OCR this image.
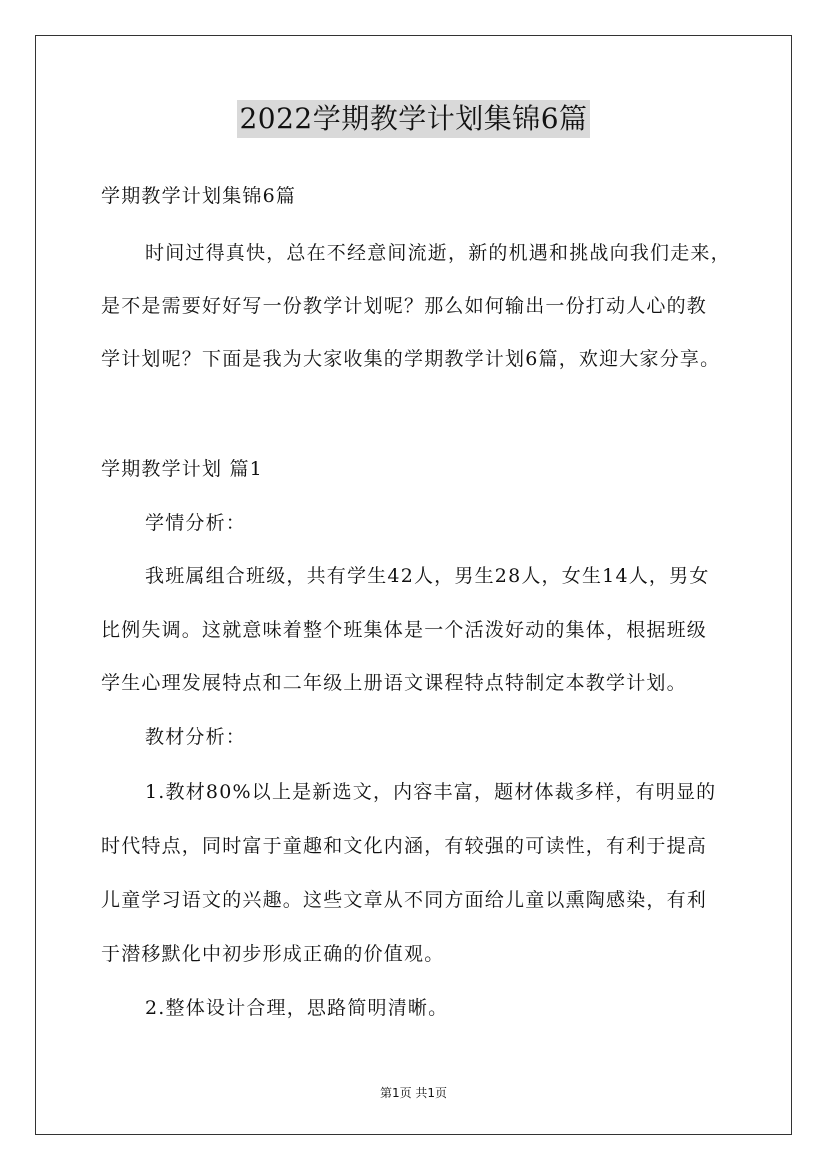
2022学期教学计划集锦6篇
学期教学计划集锦6篇
时间过得真快，总在不经意间流逝，新的机遇和挑战向我们走来，
是不是需要好好写一份教学计划呢？那么如何输出一份打动人心的教
学计划呢？下面是我为大家收集的学期教学计划6篇，欢迎大家分享。
学期教学计划 篇1
学情分析：
我班属组合班级，共有学生42人，男生28人，女生14人，男女
比例失调。这就意味着整个班集体是一个活泼好动的集体，根据班级
学生心理发展特点和二年级上册语文课程特点特制定本教学计划。
教材分析：
1.教材80%以上是新选文，内容丰富，题材体裁多样，有明显的
时代特点，同时富于童趣和文化内涵，有较强的可读性，有利于提高
儿童学习语文的兴趣。这些文章从不同方面给儿童以熏陶感染，有利
于潜移默化中初步形成正确的价值观。
2.整体设计合理，思路简明清晰。
第1页 共1页
